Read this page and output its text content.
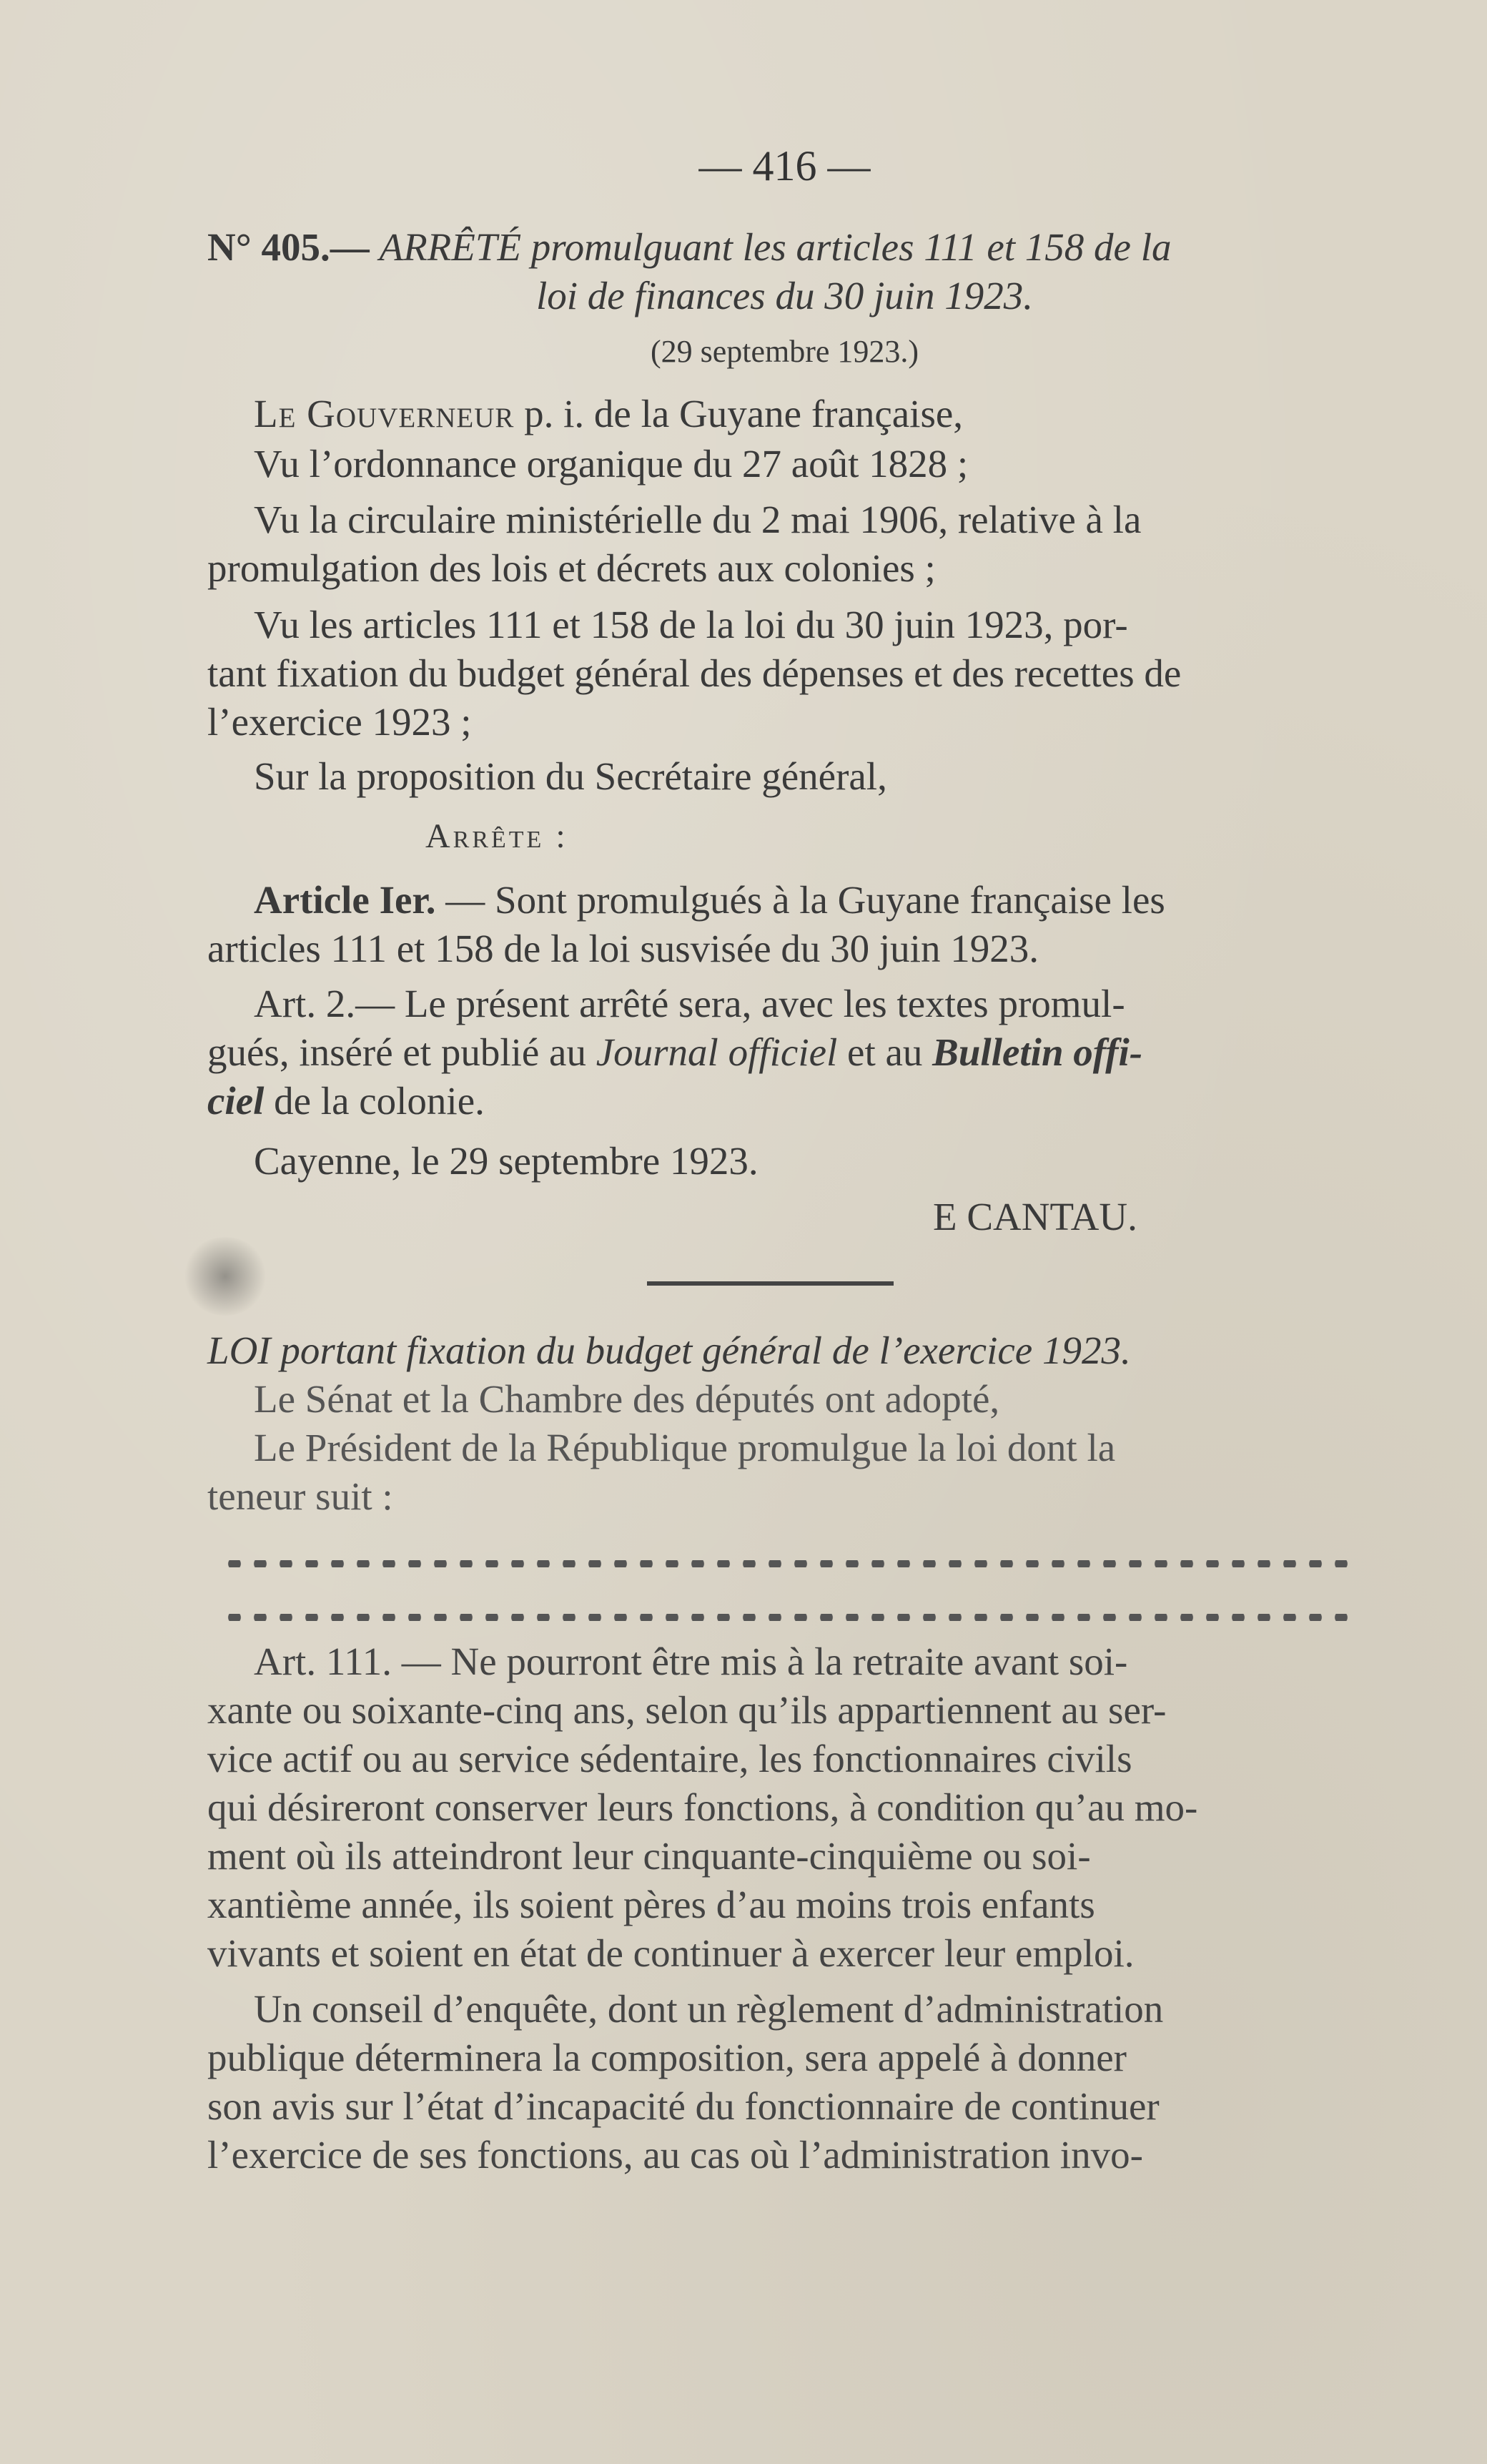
— 416 —
N° 405.— ARRÊTÉ promulguant les articles 111 et 158 de la
loi de finances du 30 juin 1923.
(29 septembre 1923.)
Le Gouverneur p. i. de la Guyane française,
Vu l’ordonnance organique du 27 août 1828 ;
Vu la circulaire ministérielle du 2 mai 1906, relative à la
promulgation des lois et décrets aux colonies ;
Vu les articles 111 et 158 de la loi du 30 juin 1923, por-
tant fixation du budget général des dépenses et des recettes de
l’exercice 1923 ;
Sur la proposition du Secrétaire général,
Arrête :
Article Ier. — Sont promulgués à la Guyane française les
articles 111 et 158 de la loi susvisée du 30 juin 1923.
Art. 2.— Le présent arrêté sera, avec les textes promul-
gués, inséré et publié au Journal officiel et au Bulletin offi-
ciel de la colonie.
Cayenne, le 29 septembre 1923.
E CANTAU.
LOI portant fixation du budget général de l’exercice 1923.
Le Sénat et la Chambre des députés ont adopté,
Le Président de la République promulgue la loi dont la
teneur suit :
Art. 111. — Ne pourront être mis à la retraite avant soi-
xante ou soixante-cinq ans, selon qu’ils appartiennent au ser-
vice actif ou au service sédentaire, les fonctionnaires civils
qui désireront conserver leurs fonctions, à condition qu’au mo-
ment où ils atteindront leur cinquante-cinquième ou soi-
xantième année, ils soient pères d’au moins trois enfants
vivants et soient en état de continuer à exercer leur emploi.
Un conseil d’enquête, dont un règlement d’administration
publique déterminera la composition, sera appelé à donner
son avis sur l’état d’incapacité du fonctionnaire de continuer
l’exercice de ses fonctions, au cas où l’administration invo-
